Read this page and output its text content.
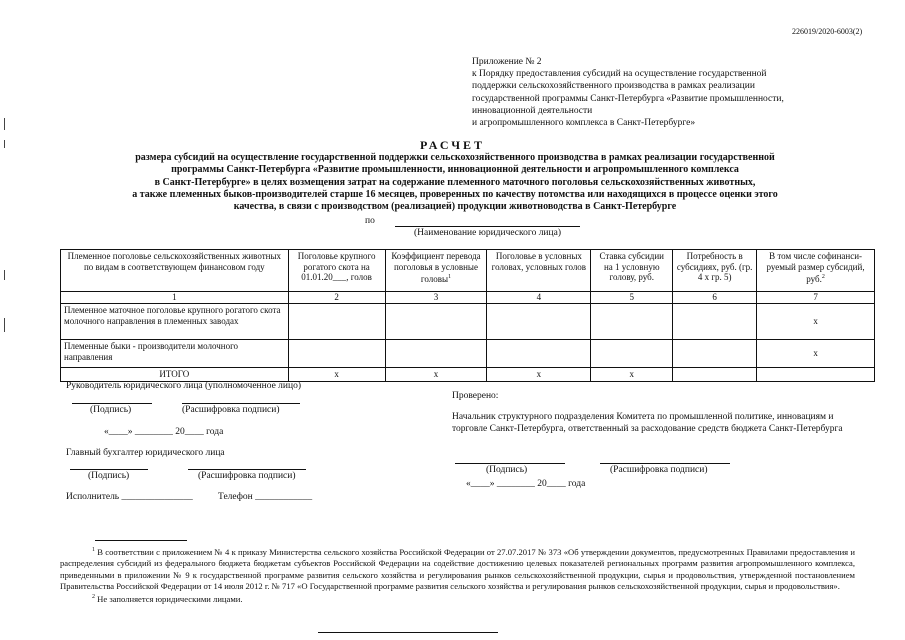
226019/2020-6003(2)
Приложение № 2
к Порядку предоставления субсидий на осуществление государственной
поддержки сельскохозяйственного производства в рамках реализации
государственной программы Санкт-Петербурга «Развитие промышленности,
инновационной деятельности
и агропромышленного комплекса в Санкт-Петербурге»
РАСЧЕТ
размера субсидий на осуществление государственной поддержки сельскохозяйственного производства в рамках реализации государственной
программы Санкт-Петербурга «Развитие промышленности, инновационной деятельности и агропромышленного комплекса
в Санкт-Петербурге» в целях возмещения затрат на содержание племенного маточного поголовья сельскохозяйственных животных,
а также племенных быков-производителей старше 16 месяцев, проверенных по качеству потомства или находящихся в процессе оценки этого
качества, в связи с производством (реализацией) продукции животноводства в Санкт-Петербурге
по
(Наименование юридического лица)
Племенное поголовье сельскохозяйственных животных по видам в соответствующем финансовом году	Поголовье крупного рогатого скота на 01.01.20___, голов	Коэффициент перевода поголовья в условные головы$^1$	Поголовье в условных головах, условных голов	Ставка субсидии на 1 условную голову, руб.	Потребность в субсидиях, руб. (гр. 4 х гр. 5)	В том числе софинанси-руемый размер субсидий, руб.$^2$
1	2	3	4	5	6	7
Племенное маточное поголовье крупного рогатого скота молочного направления в племенных заводах						х
Племенные быки - производители молочного направления						х
ИТОГО	х	х	х	х		
Руководитель юридического лица (уполномоченное лицо)
(Подпись)	(Расшифровка подписи)
«____» ________ 20____ года
Главный бухгалтер юридического лица
(Подпись)	(Расшифровка подписи)
Исполнитель _______________	Телефон ____________
Проверено:
Начальник структурного подразделения Комитета по промышленной политике, инновациям и торговле Санкт-Петербурга, ответственный за расходование средств бюджета Санкт-Петербурга
(Подпись)	(Расшифровка подписи)
«____» ________ 20____ года
$^1$ В соответствии с приложением № 4 к приказу Министерства сельского хозяйства Российской Федерации от 27.07.2017 № 373 «Об утверждении документов, предусмотренных Правилами предоставления и распределения субсидий из федерального бюджета бюджетам субъектов Российской Федерации на содействие достижению целевых показателей региональных программ развития агропромышленного комплекса, приведенными в приложении № 9 к государственной программе развития сельского хозяйства и регулирования рынков сельскохозяйственной продукции, сырья и продовольствия, утвержденной постановлением Правительства Российской Федерации от 14 июля 2012 г. № 717 «О Государственной программе развития сельского хозяйства и регулирования рынков сельскохозяйственной продукции, сырья и продовольствия».
$^2$ Не заполняется юридическими лицами.
